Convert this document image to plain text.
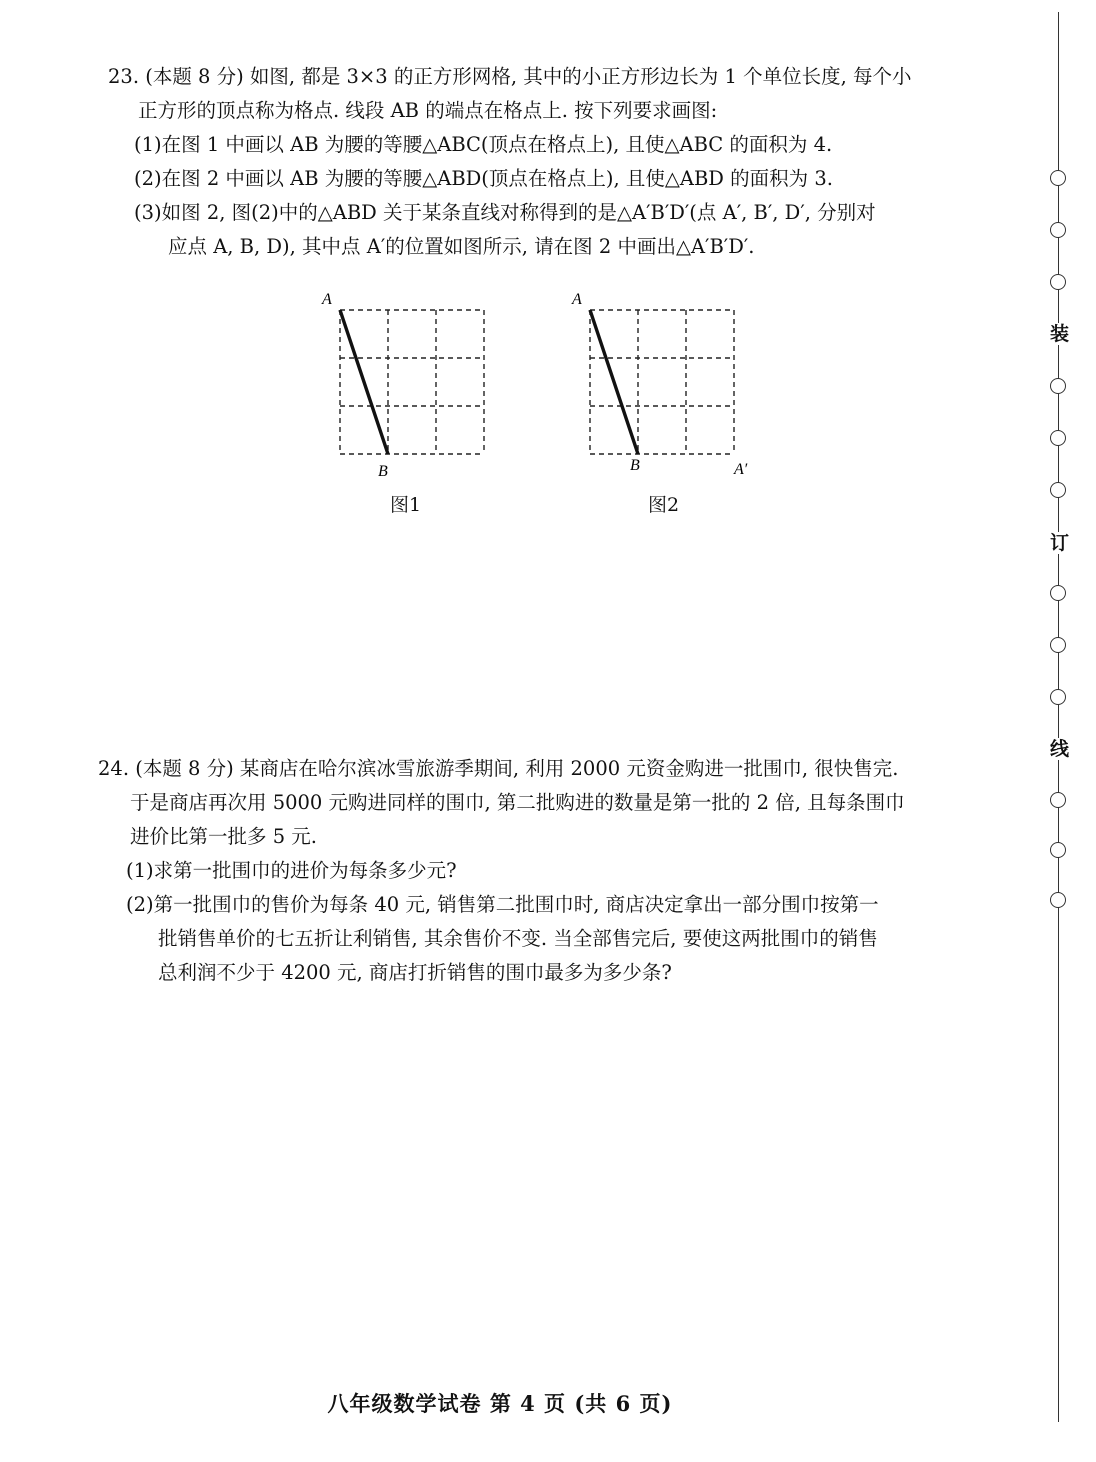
23. (本题 8 分) 如图, 都是 3×3 的正方形网格, 其中的小正方形边长为 1 个单位长度, 每个小

正方形的顶点称为格点. 线段 AB 的端点在格点上. 按下列要求画图:

(1)在图 1 中画以 AB 为腰的等腰△ABC(顶点在格点上), 且使△ABC 的面积为 4.

(2)在图 2 中画以 AB 为腰的等腰△ABD(顶点在格点上), 且使△ABD 的面积为 3.

(3)如图 2, 图(2)中的△ABD 关于某条直线对称得到的是△A′B′D′(点 A′, B′, D′, 分别对

应点 A, B, D), 其中点 A′的位置如图所示, 请在图 2 中画出△A′B′D′.

A
B
图1
A
B	A′
图2

24. (本题 8 分) 某商店在哈尔滨冰雪旅游季期间, 利用 2000 元资金购进一批围巾, 很快售完.

于是商店再次用 5000 元购进同样的围巾, 第二批购进的数量是第一批的 2 倍, 且每条围巾

进价比第一批多 5 元.

(1)求第一批围巾的进价为每条多少元?

(2)第一批围巾的售价为每条 40 元, 销售第二批围巾时, 商店决定拿出一部分围巾按第一

批销售单价的七五折让利销售, 其余售价不变. 当全部售完后, 要使这两批围巾的销售

总利润不少于 4200 元, 商店打折销售的围巾最多为多少条?

装
订
线
八年级数学试卷 第 4 页 (共 6 页)
